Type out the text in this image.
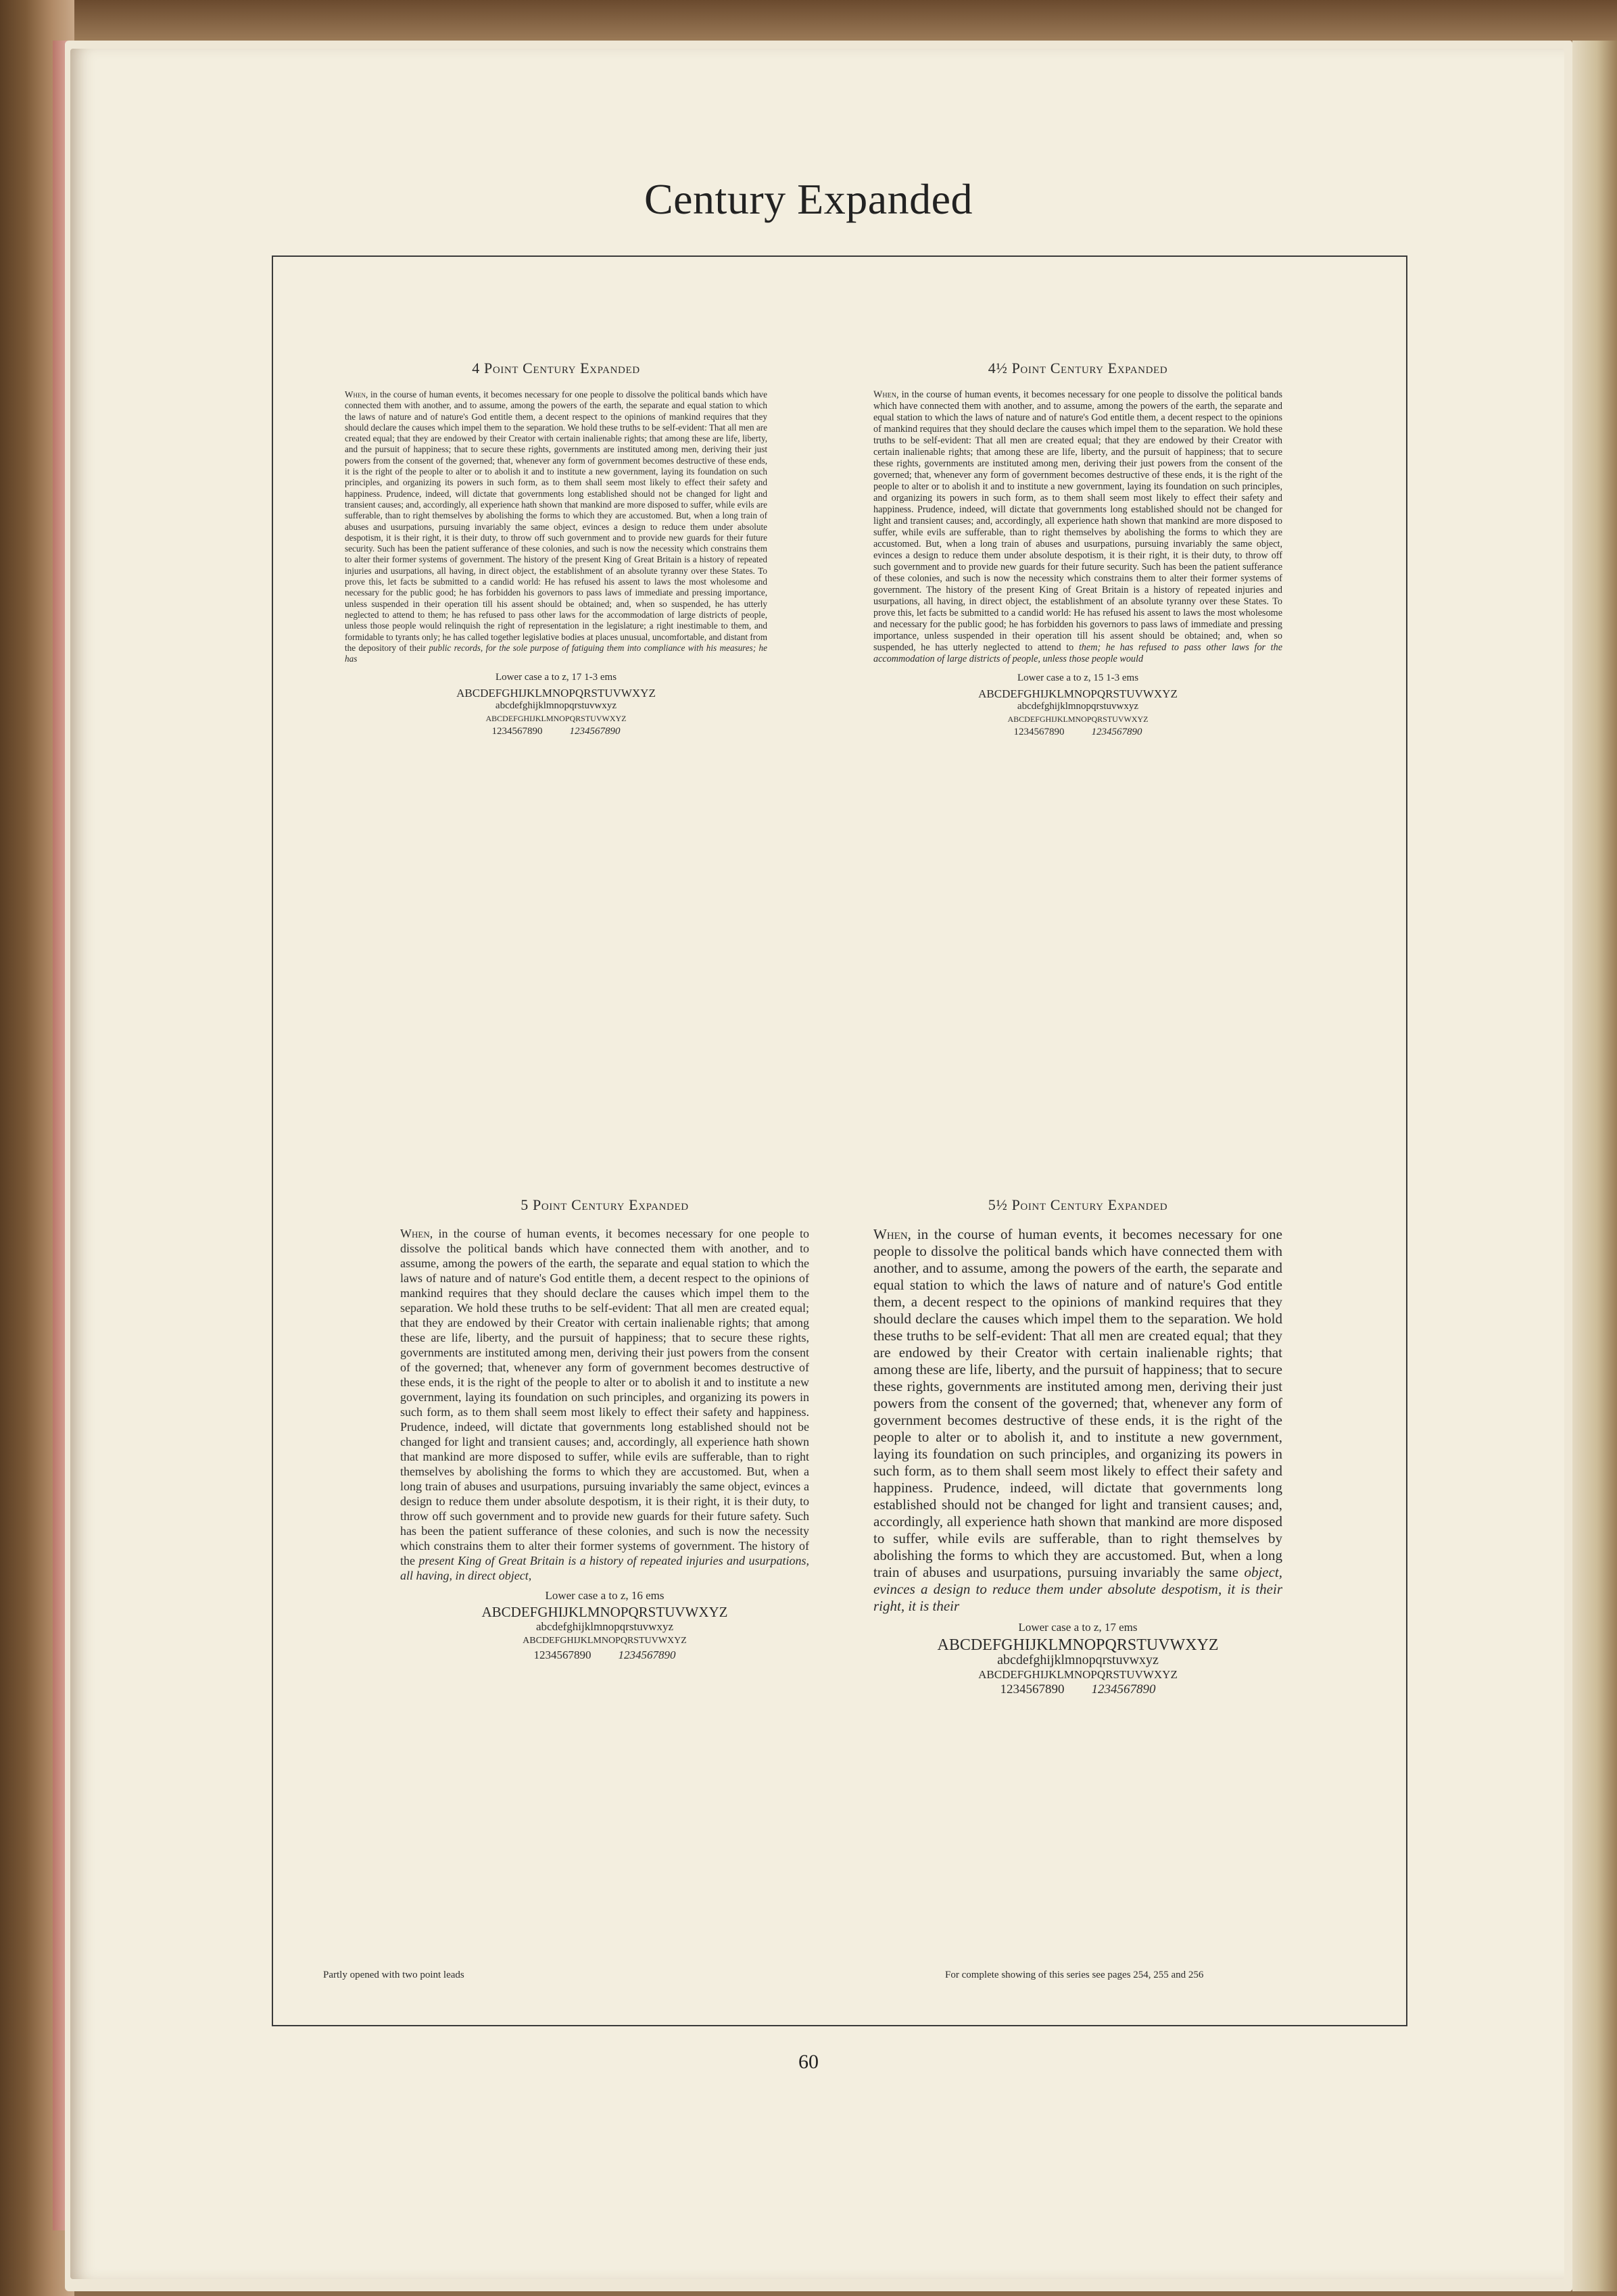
Century Expanded
4 Point Century Expanded
When, in the course of human events, it becomes necessary for one people to dissolve the political bands which have connected them with another, and to assume, among the powers of the earth, the separate and equal station to which the laws of nature and of nature's God entitle them, a decent respect to the opinions of mankind requires that they should declare the causes which impel them to the separation. We hold these truths to be self-evident: That all men are created equal; that they are endowed by their Creator with certain inalienable rights; that among these are life, liberty, and the pursuit of happiness; that to secure these rights, governments are instituted among men, deriving their just powers from the consent of the governed; that, whenever any form of government becomes destructive of these ends, it is the right of the people to alter or to abolish it and to institute a new government, laying its foundation on such principles, and organizing its powers in such form, as to them shall seem most likely to effect their safety and happiness. Prudence, indeed, will dictate that governments long established should not be changed for light and transient causes; and, accordingly, all experience hath shown that mankind are more disposed to suffer, while evils are sufferable, than to right themselves by abolishing the forms to which they are accustomed. But, when a long train of abuses and usurpations, pursuing invariably the same object, evinces a design to reduce them under absolute despotism, it is their right, it is their duty, to throw off such government and to provide new guards for their future security. Such has been the patient sufferance of these colonies, and such is now the necessity which constrains them to alter their former systems of government. The history of the present King of Great Britain is a history of repeated injuries and usurpations, all having, in direct object, the establishment of an absolute tyranny over these States. To prove this, let facts be submitted to a candid world: He has refused his assent to laws the most wholesome and necessary for the public good; he has forbidden his governors to pass laws of immediate and pressing importance, unless suspended in their operation till his assent should be obtained; and, when so suspended, he has utterly neglected to attend to them; he has refused to pass other laws for the accommodation of large districts of people, unless those people would relinquish the right of representation in the legislature; a right inestimable to them, and formidable to tyrants only; he has called together legislative bodies at places unusual, uncomfortable, and distant from the depository of their public records, for the sole purpose of fatiguing them into compliance with his measures; he has
Lower case a to z, 17 1-3 ems
ABCDEFGHIJKLMNOPQRSTUVWXYZ
abcdefghijklmnopqrstuvwxyz
ABCDEFGHIJKLMNOPQRSTUVWXYZ
1234567890	1234567890
4½ Point Century Expanded
When, in the course of human events, it becomes necessary for one people to dissolve the political bands which have connected them with another, and to assume, among the powers of the earth, the separate and equal station to which the laws of nature and of nature's God entitle them, a decent respect to the opinions of mankind requires that they should declare the causes which impel them to the separation. We hold these truths to be self-evident: That all men are created equal; that they are endowed by their Creator with certain inalienable rights; that among these are life, liberty, and the pursuit of happiness; that to secure these rights, governments are instituted among men, deriving their just powers from the consent of the governed; that, whenever any form of government becomes destructive of these ends, it is the right of the people to alter or to abolish it and to institute a new government, laying its foundation on such principles, and organizing its powers in such form, as to them shall seem most likely to effect their safety and happiness. Prudence, indeed, will dictate that governments long established should not be changed for light and transient causes; and, accordingly, all experience hath shown that mankind are more disposed to suffer, while evils are sufferable, than to right themselves by abolishing the forms to which they are accustomed. But, when a long train of abuses and usurpations, pursuing invariably the same object, evinces a design to reduce them under absolute despotism, it is their right, it is their duty, to throw off such government and to provide new guards for their future security. Such has been the patient sufferance of these colonies, and such is now the necessity which constrains them to alter their former systems of government. The history of the present King of Great Britain is a history of repeated injuries and usurpations, all having, in direct object, the establishment of an absolute tyranny over these States. To prove this, let facts be submitted to a candid world: He has refused his assent to laws the most wholesome and necessary for the public good; he has forbidden his governors to pass laws of immediate and pressing importance, unless suspended in their operation till his assent should be obtained; and, when so suspended, he has utterly neglected to attend to them; he has refused to pass other laws for the accommodation of large districts of people, unless those people would
Lower case a to z, 15 1-3 ems
ABCDEFGHIJKLMNOPQRSTUVWXYZ
abcdefghijklmnopqrstuvwxyz
ABCDEFGHIJKLMNOPQRSTUVWXYZ
1234567890	1234567890
5 Point Century Expanded
When, in the course of human events, it becomes necessary for one people to dissolve the political bands which have connected them with another, and to assume, among the powers of the earth, the separate and equal station to which the laws of nature and of nature's God entitle them, a decent respect to the opinions of mankind requires that they should declare the causes which impel them to the separation. We hold these truths to be self-evident: That all men are created equal; that they are endowed by their Creator with certain inalienable rights; that among these are life, liberty, and the pursuit of happiness; that to secure these rights, governments are instituted among men, deriving their just powers from the consent of the governed; that, whenever any form of government becomes destructive of these ends, it is the right of the people to alter or to abolish it and to institute a new government, laying its foundation on such principles, and organizing its powers in such form, as to them shall seem most likely to effect their safety and happiness. Prudence, indeed, will dictate that governments long established should not be changed for light and transient causes; and, accordingly, all experience hath shown that mankind are more disposed to suffer, while evils are sufferable, than to right themselves by abolishing the forms to which they are accustomed. But, when a long train of abuses and usurpations, pursuing invariably the same object, evinces a design to reduce them under absolute despotism, it is their right, it is their duty, to throw off such government and to provide new guards for their future safety. Such has been the patient sufferance of these colonies, and such is now the necessity which constrains them to alter their former systems of government. The history of the present King of Great Britain is a history of repeated injuries and usurpations, all having, in direct object,
Lower case a to z, 16 ems
ABCDEFGHIJKLMNOPQRSTUVWXYZ
abcdefghijklmnopqrstuvwxyz
ABCDEFGHIJKLMNOPQRSTUVWXYZ
1234567890 1234567890
5½ Point Century Expanded
When, in the course of human events, it becomes necessary for one people to dissolve the political bands which have connected them with another, and to assume, among the powers of the earth, the separate and equal station to which the laws of nature and of nature's God entitle them, a decent respect to the opinions of mankind requires that they should declare the causes which impel them to the separation. We hold these truths to be self-evident: That all men are created equal; that they are endowed by their Creator with certain inalienable rights; that among these are life, liberty, and the pursuit of happiness; that to secure these rights, governments are instituted among men, deriving their just powers from the consent of the governed; that, whenever any form of government becomes destructive of these ends, it is the right of the people to alter or to abolish it, and to institute a new government, laying its foundation on such principles, and organizing its powers in such form, as to them shall seem most likely to effect their safety and happiness. Prudence, indeed, will dictate that governments long established should not be changed for light and transient causes; and, accordingly, all experience hath shown that mankind are more disposed to suffer, while evils are sufferable, than to right themselves by abolishing the forms to which they are accustomed. But, when a long train of abuses and usurpations, pursuing invariably the same object, evinces a design to reduce them under absolute despotism, it is their right, it is their
Lower case a to z, 17 ems
ABCDEFGHIJKLMNOPQRSTUVWXYZ
abcdefghijklmnopqrstuvwxyz
ABCDEFGHIJKLMNOPQRSTUVWXYZ
1234567890 1234567890
Partly opened with two point leads	For complete showing of this series see pages 254, 255 and 256
60
